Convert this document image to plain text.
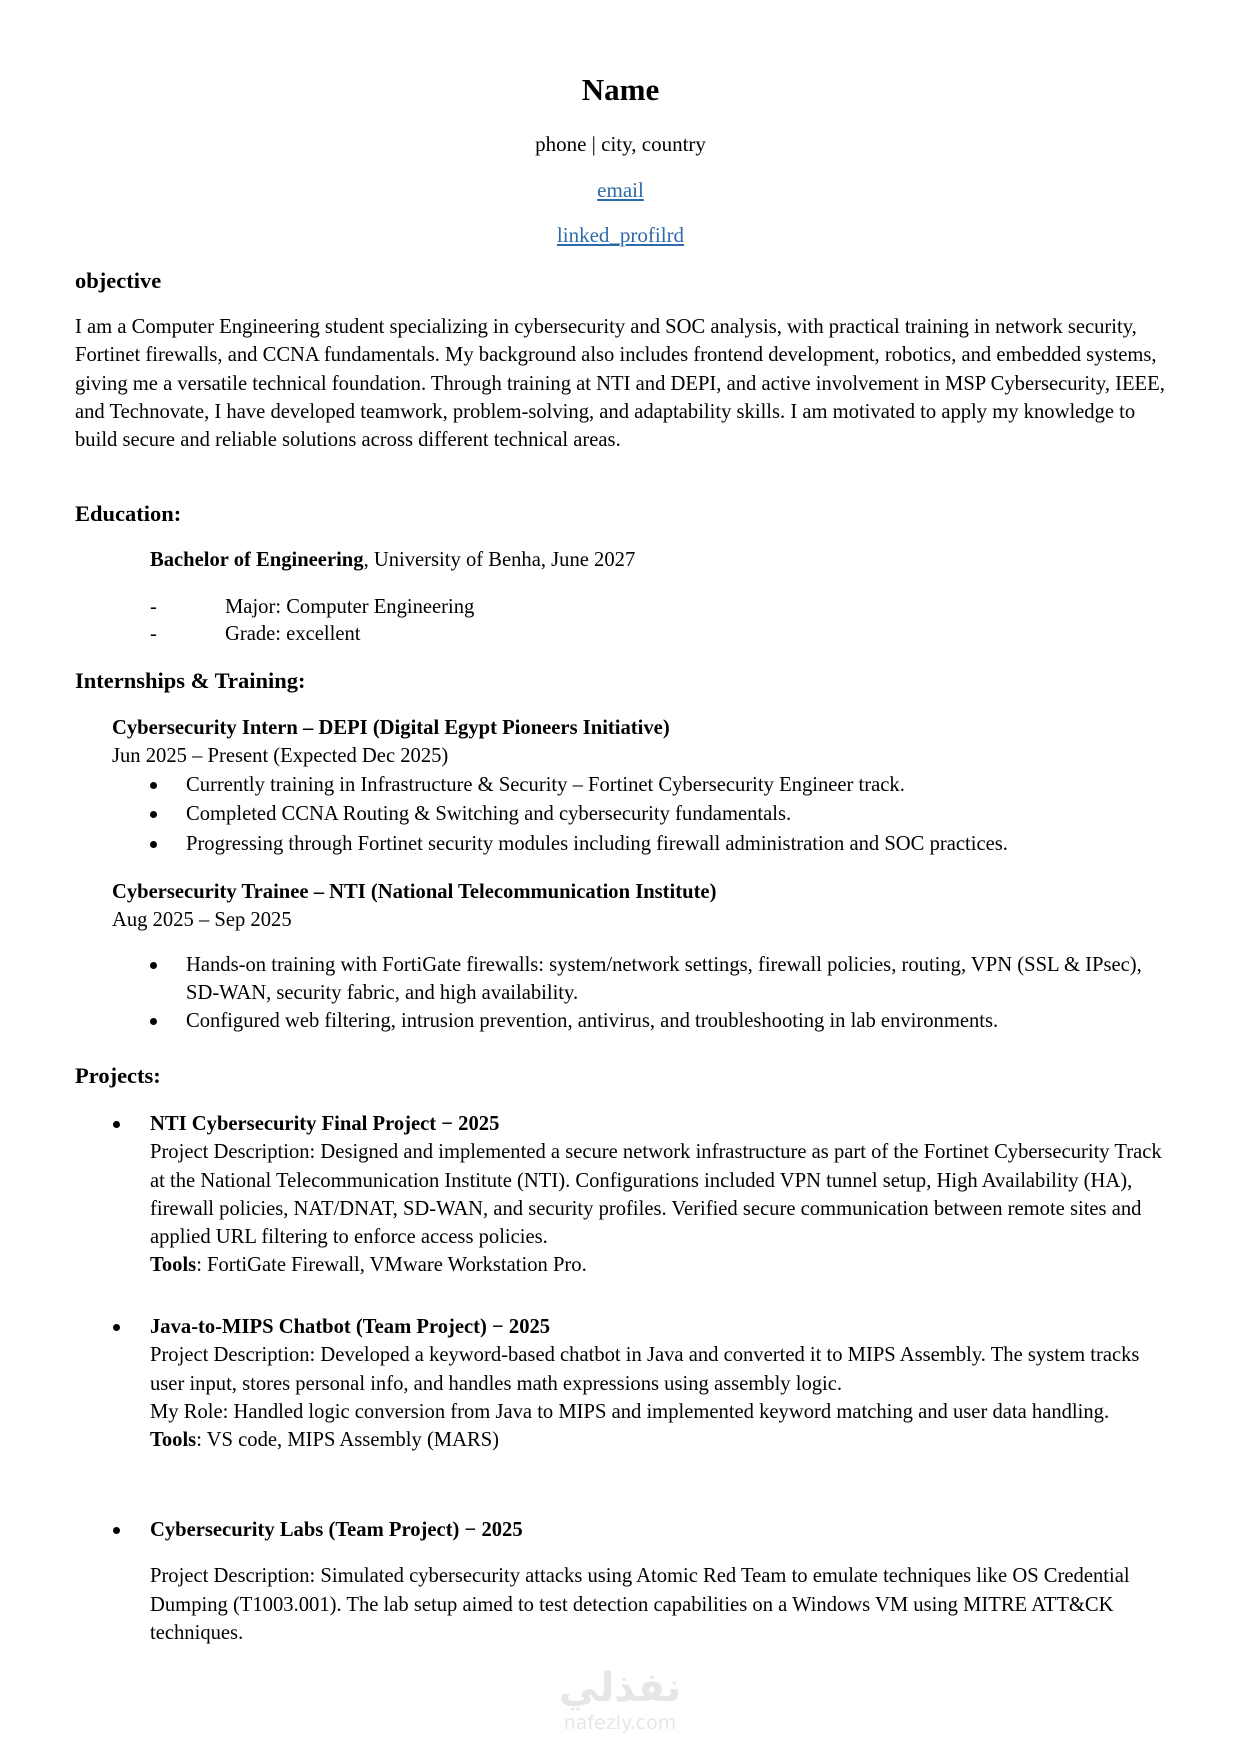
Name
phone | city, country
email
linked_profilrd
objective
I am a Computer Engineering student specializing in cybersecurity and SOC analysis, with practical training in network security, Fortinet firewalls, and CCNA fundamentals. My background also includes frontend development, robotics, and embedded systems, giving me a versatile technical foundation. Through training at NTI and DEPI, and active involvement in MSP Cybersecurity, IEEE, and Technovate, I have developed teamwork, problem-solving, and adaptability skills. I am motivated to apply my knowledge to build secure and reliable solutions across different technical areas.
Education:
Bachelor of Engineering, University of Benha, June 2027
-	Major: Computer Engineering
-	Grade: excellent
Internships & Training:
Cybersecurity Intern – DEPI (Digital Egypt Pioneers Initiative)
Jun 2025 – Present (Expected Dec 2025)
Currently training in Infrastructure & Security – Fortinet Cybersecurity Engineer track.
Completed CCNA Routing & Switching and cybersecurity fundamentals.
Progressing through Fortinet security modules including firewall administration and SOC practices.
Cybersecurity Trainee – NTI (National Telecommunication Institute)
Aug 2025 – Sep 2025
Hands-on training with FortiGate firewalls: system/network settings, firewall policies, routing, VPN (SSL & IPsec), SD-WAN, security fabric, and high availability.
Configured web filtering, intrusion prevention, antivirus, and troubleshooting in lab environments.
Projects:
NTI Cybersecurity Final Project − 2025
Project Description: Designed and implemented a secure network infrastructure as part of the Fortinet Cybersecurity Track at the National Telecommunication Institute (NTI). Configurations included VPN tunnel setup, High Availability (HA), firewall policies, NAT/DNAT, SD-WAN, and security profiles. Verified secure communication between remote sites and applied URL filtering to enforce access policies.
Tools: FortiGate Firewall, VMware Workstation Pro.
Java-to-MIPS Chatbot (Team Project) − 2025
Project Description: Developed a keyword-based chatbot in Java and converted it to MIPS Assembly. The system tracks user input, stores personal info, and handles math expressions using assembly logic.
My Role: Handled logic conversion from Java to MIPS and implemented keyword matching and user data handling.
Tools: VS code, MIPS Assembly (MARS)
Cybersecurity Labs (Team Project) − 2025
Project Description: Simulated cybersecurity attacks using Atomic Red Team to emulate techniques like OS Credential Dumping (T1003.001). The lab setup aimed to test detection capabilities on a Windows VM using MITRE ATT&CK techniques.
نفذلي
nafezly.com
